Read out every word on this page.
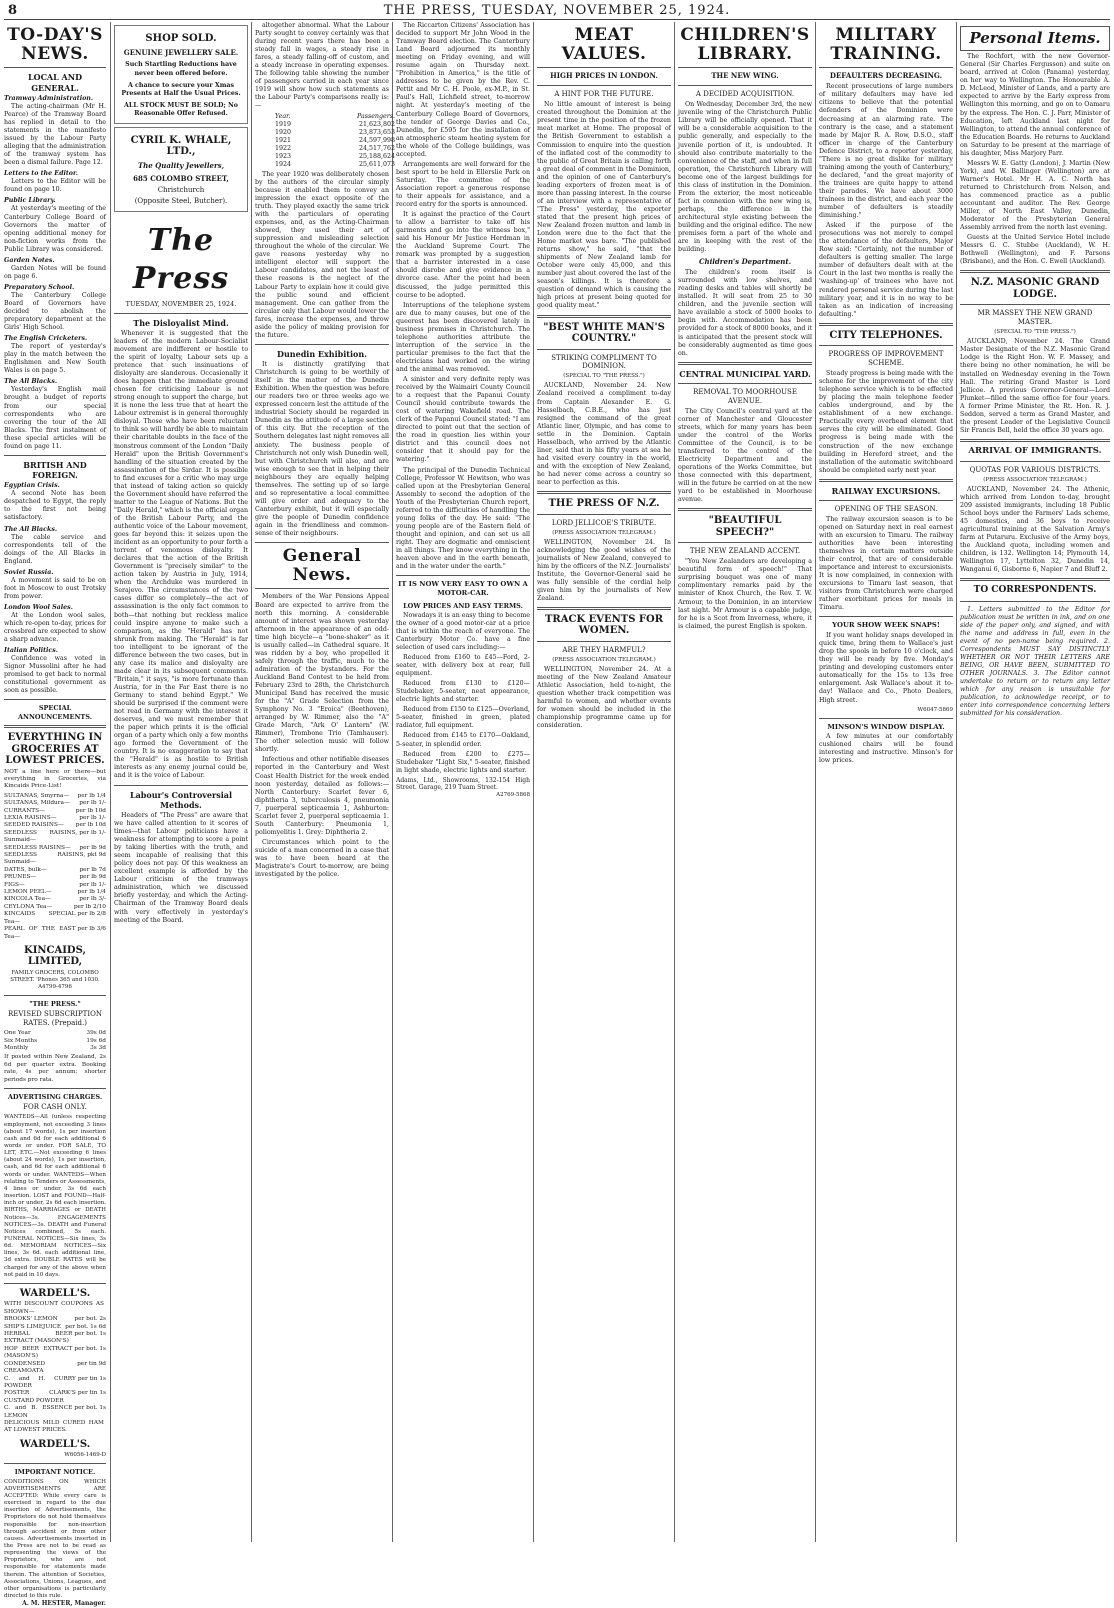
8	THE PRESS, TUESDAY, NOVEMBER 25, 1924.
TO-DAY'S NEWS.
LOCAL AND GENERAL.
Tramway Administration.
The acting-chairman (Mr H. Pearce) of the Tramway Board has replied in detail to the statements in the manifesto issued by the Labour Party alleging that the administration of the tramway system has been a dismal failure. Page 12.
Letters to the Editor.
Letters to the Editor will be found on page 10.
Public Library.
At yesterday's meeting of the Canterbury College Board of Governors the matter of opening additional money for non-fiction works from the Public Library was considered.
Garden Notes.
Garden Notes will be found on page 6.
Preparatory School.
The Canterbury College Board of Governors have decided to abolish the preparatory department at the Girls' High School.
The English Cricketers.
The report of yesterday's play in the match between the Englishmen and New South Wales is on page 5.
The All Blacks.
Yesterday's English mail brought a budget of reports from our special correspondents who are covering the tour of the All Blacks. The first instalment of these special articles will be found on page 11.
BRITISH AND FOREIGN.
Egyptian Crisis.
A second Note has been despatched to Egypt, the reply to the first not being satisfactory.
The All Blacks.
The cable service and correspondents tell of the doings of the All Blacks in England.
Soviet Russia.
A movement is said to be on foot in Moscow to oust Trotsky from power.
London Wool Sales.
At the London wool sales, which re-open to-day, prices for crossbred are expected to show a sharp advance.
Italian Politics.
Confidence was voted in Signor Mussolini after he had promised to get back to normal constitutional government as soon as possible.
SPECIAL ANNOUNCEMENTS.
EVERYTHING IN GROCERIES AT LOWEST PRICES.
NOT a line here or there—but everything in Groceries, via Kincaids Price-List!
SULTANAS, Smyrna— per lb 1/4
SULTANAS, Mildura— per lb 1/-
CURRANTS—	per lb 10d
LEXIA RAISINS—	per lb 1/-
SEEDED RAISINS— per lb 10d
SEEDLESS RAISINS, Sunmaid—
per lb 1/-
SEEDLESS RAISINS— per lb 9d
SEEDLESS RAISINS, Sunmaid—
pkt 9d
DATES, bulk—	per lb 7d
PRUNES—	per lb 9d
FIGS—	per lb 1/-
LEMON PEEL—	per lb 1/4
KINCOLA Tea—	per lb 3/-
CEYLONA Tea—	per lb 2/10
KINCAIDS SPECIAL Tea—
per lb 2/8
PEARL OF THE EAST Tea—
per lb 3/6
KINCAIDS, LIMITED,
FAMILY GROCERS, COLOMBO STREET. 'Phones 365 and 1030. A4799-4796
"THE PRESS."
REVISED SUBSCRIPTION RATES. (Prepaid.)
One Year	39s 0d
Six Months	19s 6d
Monthly	3s 3d
If posted within New Zealand, 2s 6d per quarter extra. Booking rate, 4s per annum; shorter periods pro rata.
ADVERTISING CHARGES.
FOR CASH ONLY.
WANTEDS—All (unless respecting employment, not exceeding 3 lines (about 17 words), 1s per insertion cash and 6d for each additional 6 words or under. FOR SALE, TO LET, ETC.—Not exceeding 6 lines (about 24 words), 1s per insertion, cash, and 6d for each additional 6 words or under. WANTEDS—When relating to Tenders or Assessments, 4 lines or under, 3s 6d each insertion. LOST and FOUND—Half-inch or under, 2s 6d each insertion. BIRTHS, MARRIAGES or DEATH Notices—3s. ENGAGEMENTS NOTICES—3s. DEATH and Funeral Notices combined, 5s each. FUNERAL NOTICES—Six lines, 3s 6d. MEMORIAM NOTICES—Six lines, 3s 6d. each additional line, 3d extra. DOUBLE RATES will be charged for any of the above when not paid in 10 days.
WARDELL'S.
WITH DISCOUNT COUPONS AS SHOWN—
BROOKS' LEMON	per bot. 2s
SHIP'S LIMEJUICE per bot. 1s 6d
HERBAL BEER EXTRACT (MASON'S)
per bot. 1s
HOP BEER EXTRACT (MASON'S)
per bot. 1s
CONDENSED CREAMOATA
per tin 9d
C. and H. CURRY POWDER
per tin 1s
FOSTER CLARK'S CUSTARD POWDER
per tin 1s
C. and B. ESSENCE LEMON
per bot. 1s
DELICIOUS MILD CURED HAM AT LOWEST PRICES.
WARDELL'S.
W6056-1469-D
IMPORTANT NOTICE.
CONDITIONS ON WHICH ADVERTISEMENTS ARE ACCEPTED: While every care is exercised in regard to the due insertion of Advertisements, the Proprietors do not hold themselves responsible for non-insertion through accident or from other causes. Advertisements inserted in the Press are not to be read as representing the views of the Proprietors, who are not responsible for statements made therein. The attention of Societies, Associations, Unions, Leagues, and other organisations is particularly directed to this rule.
A. M. HESTER, Manager.
SHOP SOLD.
GENUINE JEWELLERY SALE.
Such Startling Reductions have never been offered before.
A chance to secure your Xmas Presents at Half the Usual Prices.
ALL STOCK MUST BE SOLD; No Reasonable Offer Refused.
CYRIL K. WHALE, LTD.,
The Quality Jewellers,
685 COLOMBO STREET,
Christchurch
(Opposite Steel, Butcher).
The Press
TUESDAY, NOVEMBER 25, 1924.
The Disloyalist Mind.

Whenever it is suggested that the leaders of the modern Labour-Socialist movement are indifferent or hostile to the spirit of loyalty, Labour sets up a pretence that such insinuations of disloyalty are slanderous. Occasionally it does happen that the immediate ground chosen for criticising Labour is not strong enough to support the charge, but it is none the less true that at heart the Labour extremist is in general thoroughly disloyal. Those who have been reluctant to think so will hardly be able to maintain their charitable doubts in the face of the monstrous comment of the London "Daily Herald" upon the British Government's handling of the situation created by the assassination of the Sirdar. It is possible to find excuses for a critic who may urge that instead of taking action so quickly the Government should have referred the matter to the League of Nations. But the "Daily Herald," which is the official organ of the British Labour Party, and the authentic voice of the Labour movement, goes far beyond this: it seizes upon the incident as an opportunity to pour forth a torrent of venomous disloyalty. It declares that the action of the British Government is "precisely similar" to the action taken by Austria in July, 1914, when the Archduke was murdered in Serajevo. The circumstances of the two cases differ so completely—the act of assassination is the only fact common to both—that nothing but reckless malice could inspire anyone to make such a comparison, as the "Herald" has not shrunk from making. The "Herald" is far too intelligent to be ignorant of the difference between the two cases, but in any case its malice and disloyalty are made clear in its subsequent comments. "Britain," it says, "is more fortunate than Austria, for in the Far East there is no Germany to stand behind Egypt." We should be surprised if the comment were not read in Germany with the interest it deserves, and we must remember that the paper which prints it is the official organ of a party which only a few months ago formed the Government of the country. It is no exaggeration to say that the "Herald" is as hostile to British interests as any enemy journal could be, and it is the voice of Labour.

Labour's Controversial Methods.

Headers of "The Press" are aware that we have called attention to it scores of times—that Labour politicians have a weakness for attempting to score a point by taking liberties with the truth, and seem incapable of realising that this policy does not pay. Of this weakness an excellent example is afforded by the Labour criticism of the tramways administration, which we discussed briefly yesterday, and which the Acting-Chairman of the Tramway Board deals with very effectively in yesterday's meeting of the Board.

altogether abnormal. What the Labour Party sought to convey certainly was that during recent years there has been a steady fall in wages, a steady rise in fares, a steady falling-off of custom, and a steady increase in operating expenses. The following table showing the number of passengers carried in each year since 1919 will show how such statements as the Labour Party's comparisons really is:—

Year.	Passengers.
1919	21,623,802
1920	23,873,653
1921	24,597,998
1922	24,517,762
1923	25,188,624
1924	25,611,073

The year 1920 was deliberately chosen by the authors of the circular simply because it enabled them to convey an impression the exact opposite of the truth. They played exactly the same trick with the particulars of operating expenses, and, as the Acting-Chairman showed, they used their art of suppression and misleading selection throughout the whole of the circular. We gave reasons yesterday why no intelligent elector will support the Labour candidates, and not the least of these reasons is the neglect of the Labour Party to explain how it could give the public sound and efficient management. One can gather from the circular only that Labour would lower the fares, increase the expenses, and throw aside the policy of making provision for the future.

Dunedin Exhibition.

It is distinctly gratifying that Christchurch is going to be worthily of itself in the matter of the Dunedin Exhibition. When the question was before our readers two or three weeks ago we expressed concern lest the attitude of the industrial Society should be regarded in Dunedin as the attitude of a large section of this city. But the reception of the Southern delegates last night removes all anxiety. The business people of Christchurch not only wish Dunedin well, but with Christchurch will also, and are wise enough to see that in helping their neighbours they are equally helping themselves. The setting up of so large and so representative a local committee will give order and adequacy to the Canterbury exhibit, but it will especially give the people of Dunedin confidence again in the friendliness and common-sense of their neighbours.

General News.

Members of the War Pensions Appeal Board are expected to arrive from the north this morning. A considerable amount of interest was shown yesterday afternoon in the appearance of an odd-time high bicycle—a "bone-shaker" as it is usually called—in Cathedral square. It was ridden by a boy, who propelled it safely through the traffic, much to the admiration of the bystanders. For the Auckland Band Contest to be held from February 23rd to 28th, the Christchurch Municipal Band has received the music for the "A" Grade Selection from the Symphony No. 3 "Eroica" (Beethoven), arranged by W. Rimmer, also the "A" Grade March, "Ark O' Lantern" (W. Rimmer), Trombone Trio (Tamhauser). The other selection music will follow shortly.

Infectious and other notifiable diseases reported in the Canterbury and West Coast Health District for the week ended noon yesterday, detailed as follows:—North Canterbury: Scarlet fever 6, diphtheria 3, tuberculosis 4, pneumonia 7, puerperal septicaemia 1, Ashburton: Scarlet fever 2, puerperal septicaemia 1. South Canterbury: Pneumonia 1, poliomyelitis 1. Grey: Diphtheria 2.

Circumstances which point to the suicide of a man concerned in a case that was to have been heard at the Magistrate's Court to-morrow, are being investigated by the police.

The Riccarton Citizens' Association has decided to support Mr John Wood in the Tramway Board election. The Canterbury Land Board adjourned its monthly meeting on Friday evening, and will resume again on Thursday next. "Prohibition in America," is the title of addresses to be given by the Rev. C. Pettit and Mr C. H. Poole, ex-M.P., in St. Paul's Hall, Lichfield street, to-morrow night. At yesterday's meeting of the Canterbury College Board of Governors, the tender of George Davies and Co., Dunedin, for £595 for the installation of an atmospheric steam heating system for the whole of the College buildings, was accepted.

Arrangements are well forward for the best sport to be held in Ellerslie Park on Saturday. The committee of the Association report a generous response to their appeals for assistance, and a record entry for the sports is announced.

It is against the practice of the Court to allow a barrister to take off his garments and go into the witness box," said his Honour Mr Justice Herdman in the Auckland Supreme Court. The remark was prompted by a suggestion that a barrister interested in a case should disrobe and give evidence in a divorce case. After the point had been discussed, the judge permitted this course to be adopted.

Interruptions of the telephone system are due to many causes, but one of the queerest has been discovered lately in business premises in Christchurch. The telephone authorities attribute the interruption of the service in the particular premises to the fact that the electricians had worked on the wiring and the animal was removed.

A sinister and very definite reply was received by the Waimairi County Council to a request that the Papanui County Council should contribute towards the cost of watering Wakefield road. The clerk of the Papanui Council stated: "I am directed to point out that the section of the road in question lies within your district and this council does not consider that it should pay for the watering."

The principal of the Dunedin Technical College, Professor W. Hewitson, who was called upon at the Presbyterian General Assembly to second the adoption of the Youth of the Presbyterian Church report, referred to the difficulties of handling the young folks of the day. He said: "The young people are of the Eastern field of thought and opinion, and can set us all right. They are dogmatic and omniscient in all things. They know everything in the heaven above and in the earth beneath, and in the water under the earth."

IT IS NOW VERY EASY TO OWN A MOTOR-CAR.
LOW PRICES AND EASY TERMS.

Nowadays it is an easy thing to become the owner of a good motor-car at a price that is within the reach of everyone. The Canterbury Motor Co. have a fine selection of used cars including:—

Reduced from £160 to £45—Ford, 2-seater, with delivery box at rear, full equipment.

Reduced from £130 to £120—Studebaker, 5-seater, neat appearance, electric lights and starter.

Reduced from £150 to £125—Overland, 5-seater, finished in green, plated radiator, full equipment.

Reduced from £145 to £170—Oakland, 5-seater, in splendid order.

Reduced from £200 to £275—Studebaker "Light Six," 5-seater, finished in light shade, electric lights and starter.

Adams, Ltd., Showrooms, 132-154 High Street. Garage, 219 Tuam Street.
A2769-5868
MEAT VALUES.
HIGH PRICES IN LONDON.
A HINT FOR THE FUTURE.

No little amount of interest is being created throughout the Dominion at the present time in the position of the frozen meat market at Home. The proposal of the British Government to establish a Commission to enquire into the question of the inflated cost of the commodity to the public of Great Britain is calling forth a great deal of comment in the Dominion, and the opinion of one of Canterbury's leading exporters of frozen meat is of more than passing interest. In the course of an interview with a representative of "The Press" yesterday, the exporter stated that the present high prices of New Zealand frozen mutton and lamb in London were due to the fact that the Home market was bare. "The published returns show," he said, "that the shipments of New Zealand lamb for October were only 45,000, and this number just about covered the last of the season's killings. It is therefore a question of demand which is causing the high prices at present being quoted for good quality meat."

"BEST WHITE MAN'S COUNTRY."
STRIKING COMPLIMENT TO DOMINION.
(SPECIAL TO "THE PRESS.")

AUCKLAND, November 24. New Zealand received a compliment to-day from Captain Alexander E. G. Hasselbach, C.B.E., who has just resigned the command of the great Atlantic liner, Olympic, and has come to settle in the Dominion. Captain Hasselbach, who arrived by the Atlantic liner, said that in his fifty years at sea he had visited every country in the world, and with the exception of New Zealand, he had never come across a country so near to perfection as this.

THE PRESS OF N.Z.
LORD JELLICOE'S TRIBUTE.
(PRESS ASSOCIATION TELEGRAM.)

WELLINGTON, November 24. In acknowledging the good wishes of the journalists of New Zealand, conveyed to him by the officers of the N.Z. Journalists' Institute, the Governor-General said he was fully sensible of the cordial help given him by the journalists of New Zealand.

TRACK EVENTS FOR WOMEN.
ARE THEY HARMFUL?
(PRESS ASSOCIATION TELEGRAM.)

WELLINGTON, November 24. At a meeting of the New Zealand Amateur Athletic Association, held to-night, the question whether track competition was harmful to women, and whether events for women should be included in the championship programme came up for consideration.

CHILDREN'S LIBRARY.
THE NEW WING.
A DECIDED ACQUISITION.

On Wednesday, December 3rd, the new juvenile wing of the Christchurch Public Library will be officially opened. That it will be a considerable acquisition to the public generally, and especially to the juvenile portion of it, is undoubted. It should also contribute materially to the convenience of the staff, and when in full operation, the Christchurch Library will become one of the largest buildings for this class of institution in the Dominion. From the exterior, the most noticeable fact in connexion with the new wing is, perhaps, the difference in the architectural style existing between the building and the original edifice. The new premises form a part of the whole and are in keeping with the rest of the building.

Children's Department.

The children's room itself is surrounded with low shelves, and reading desks and tables will shortly be installed. It will seat from 25 to 30 children, and the juvenile section will have available a stock of 5000 books to begin with. Accommodation has been provided for a stock of 8000 books, and it is anticipated that the present stock will be considerably augmented as time goes on.

CENTRAL MUNICIPAL YARD.
REMOVAL TO MOORHOUSE AVENUE.

The City Council's central yard at the corner of Manchester and Gloucester streets, which for many years has been under the control of the Works Committee of the Council, is to be transferred to the control of the Electricity Department and the operations of the Works Committee, but those connected with this department, will in the future be carried on at the new yard to be established in Moorhouse avenue.

"BEAUTIFUL SPEECH?"
THE NEW ZEALAND ACCENT.

"You New Zealanders are developing a beautiful form of speech!" That surprising bouquet was one of many complimentary remarks paid by the minister of Knox Church, the Rev. T. W. Armour, to the Dominion, in an interview last night. Mr Armour is a capable judge, for he is a Scot from Inverness, where, it is claimed, the purest English is spoken.

MILITARY TRAINING.
DEFAULTERS DECREASING.

Recent prosecutions of large numbers of military defaulters may have led citizens to believe that the potential defenders of the Dominion were decreasing at an alarming rate. The contrary is the case, and a statement made by Major R. A. Row, D.S.O., staff officer in charge of the Canterbury Defence District, to a reporter yesterday, "There is no great dislike for military training among the youth of Canterbury," he declared, "and the great majority of the trainees are quite happy to attend their parades. We have about 3000 trainees in the district, and each year the number of defaulters is steadily diminishing."

Asked if the purpose of the prosecutions was not merely to compel the attendance of the defaulters, Major Row said: "Certainly, not the number of defaulters is getting smaller. The large number of defaulters dealt with at the Court in the last two months is really the 'washing-up' of trainees who have not rendered personal service during the last military year, and it is in no way to be taken as an indication of increasing defaulting."

CITY TELEPHONES.
PROGRESS OF IMPROVEMENT SCHEME.

Steady progress is being made with the scheme for the improvement of the city telephone service which is to be effected by placing the main telephone feeder cables underground, and by the establishment of a new exchange. Practically every overhead element that serves the city will be eliminated. Good progress is being made with the construction of the new exchange building in Hereford street, and the installation of the automatic switchboard should be completed early next year.

RAILWAY EXCURSIONS.
OPENING OF THE SEASON.

The railway excursion season is to be opened on Saturday next in real earnest with an excursion to Timaru. The railway authorities have been interesting themselves in certain matters outside their control, that are of considerable importance and interest to excursionists. It is now complained, in connexion with excursions to Timaru last season, that visitors from Christchurch were charged rather exorbitant prices for meals in Timaru.

YOUR SHOW WEEK SNAPS!

If you want holiday snaps developed in quick time, bring them to Wallace's just drop the spools in before 10 o'clock, and they will be ready by five. Monday's printing and developing customers enter automatically for the 15s to 13s free enlargement. Ask Wallace's about it to-day! Wallace and Co., Photo Dealers, High street.

W6047-5869
MINSON'S WINDOW DISPLAY.

A few minutes at our comfortably cushioned chairs will be found interesting and instructive. Minson's for low prices.

Personal Items.

The Rochfort, with the new Governor-General (Sir Charles Fergusson) and suite on board, arrived at Colon (Panama) yesterday, on her way to Wellington. The Honourable A. D. McLeod, Minister of Lands, and a party are expected to arrive by the Early express from Wellington this morning, and go on to Oamaru by the express. The Hon. C. J. Parr, Minister of Education, left Auckland last night for Wellington, to attend the annual conference of the Education Boards. He returns to Auckland on Saturday to be present at the marriage of his daughter, Miss Marjory Parr.

Messrs W. E. Gatty (London), J. Martin (New York), and W. Ballinger (Wellington) are at Warner's Hotel. Mr H. A. C. North has returned to Christchurch from Nelson, and has commenced practice as a public accountant and auditor. The Rev. George Miller, of North East Valley, Dunedin, Moderator of the Presbyterian General Assembly arrived from the north last evening.

Guests at the United Service Hotel include Messrs G. C. Stubbe (Auckland), W. H. Bothwell (Wellington), and F. Parsons (Brisbane), and the Hon. C. Ewell (Auckland).

N.Z. MASONIC GRAND LODGE.
MR MASSEY THE NEW GRAND MASTER.
(SPECIAL TO "THE PRESS.")

AUCKLAND, November 24. The Grand Master Designate of the N.Z. Masonic Grand Lodge is the Right Hon. W. F. Massey, and there being no other nomination, he will be installed on Wednesday evening in the Town Hall. The retiring Grand Master is Lord Jellicoe. A previous Governor-General—Lord Plunket—filled the same office for four years. A former Prime Minister, the Rt. Hon. R. J. Seddon, served a term as Grand Master, and the present Leader of the Legislative Council Sir Francis Bell, held the office 30 years ago.

ARRIVAL OF IMMIGRANTS.
QUOTAS FOR VARIOUS DISTRICTS.
(PRESS ASSOCIATION TELEGRAM.)

AUCKLAND, November 24. The Athenic, which arrived from London to-day, brought 209 assisted immigrants, including 18 Public School boys under the Farmers' Lads scheme, 45 domestics, and 36 boys to receive agricultural training at the Salvation Army's farm at Putaruru. Exclusive of the Army boys, the Auckland quota, including women and children, is 132. Wellington 14; Plymouth 14, Wellington 17, Lyttelton 32, Dunedin 14, Wanganui 6, Gisborne 6, Napier 7 and Bluff 2.

TO CORRESPONDENTS.

1. Letters submitted to the Editor for publication must be written in ink, and on one side of the paper only, and signed, and with the name and address in full, even in the event of no pen-name being required. 2. Correspondents MUST SAY DISTINCTLY WHETHER OR NOT THEIR LETTERS ARE BEING, OR HAVE BEEN, SUBMITTED TO OTHER JOURNALS. 3. The Editor cannot undertake to return or to return any letter which for any reason is unsuitable for publication, to acknowledge receipt, or to enter into correspondence concerning letters submitted for his consideration.
